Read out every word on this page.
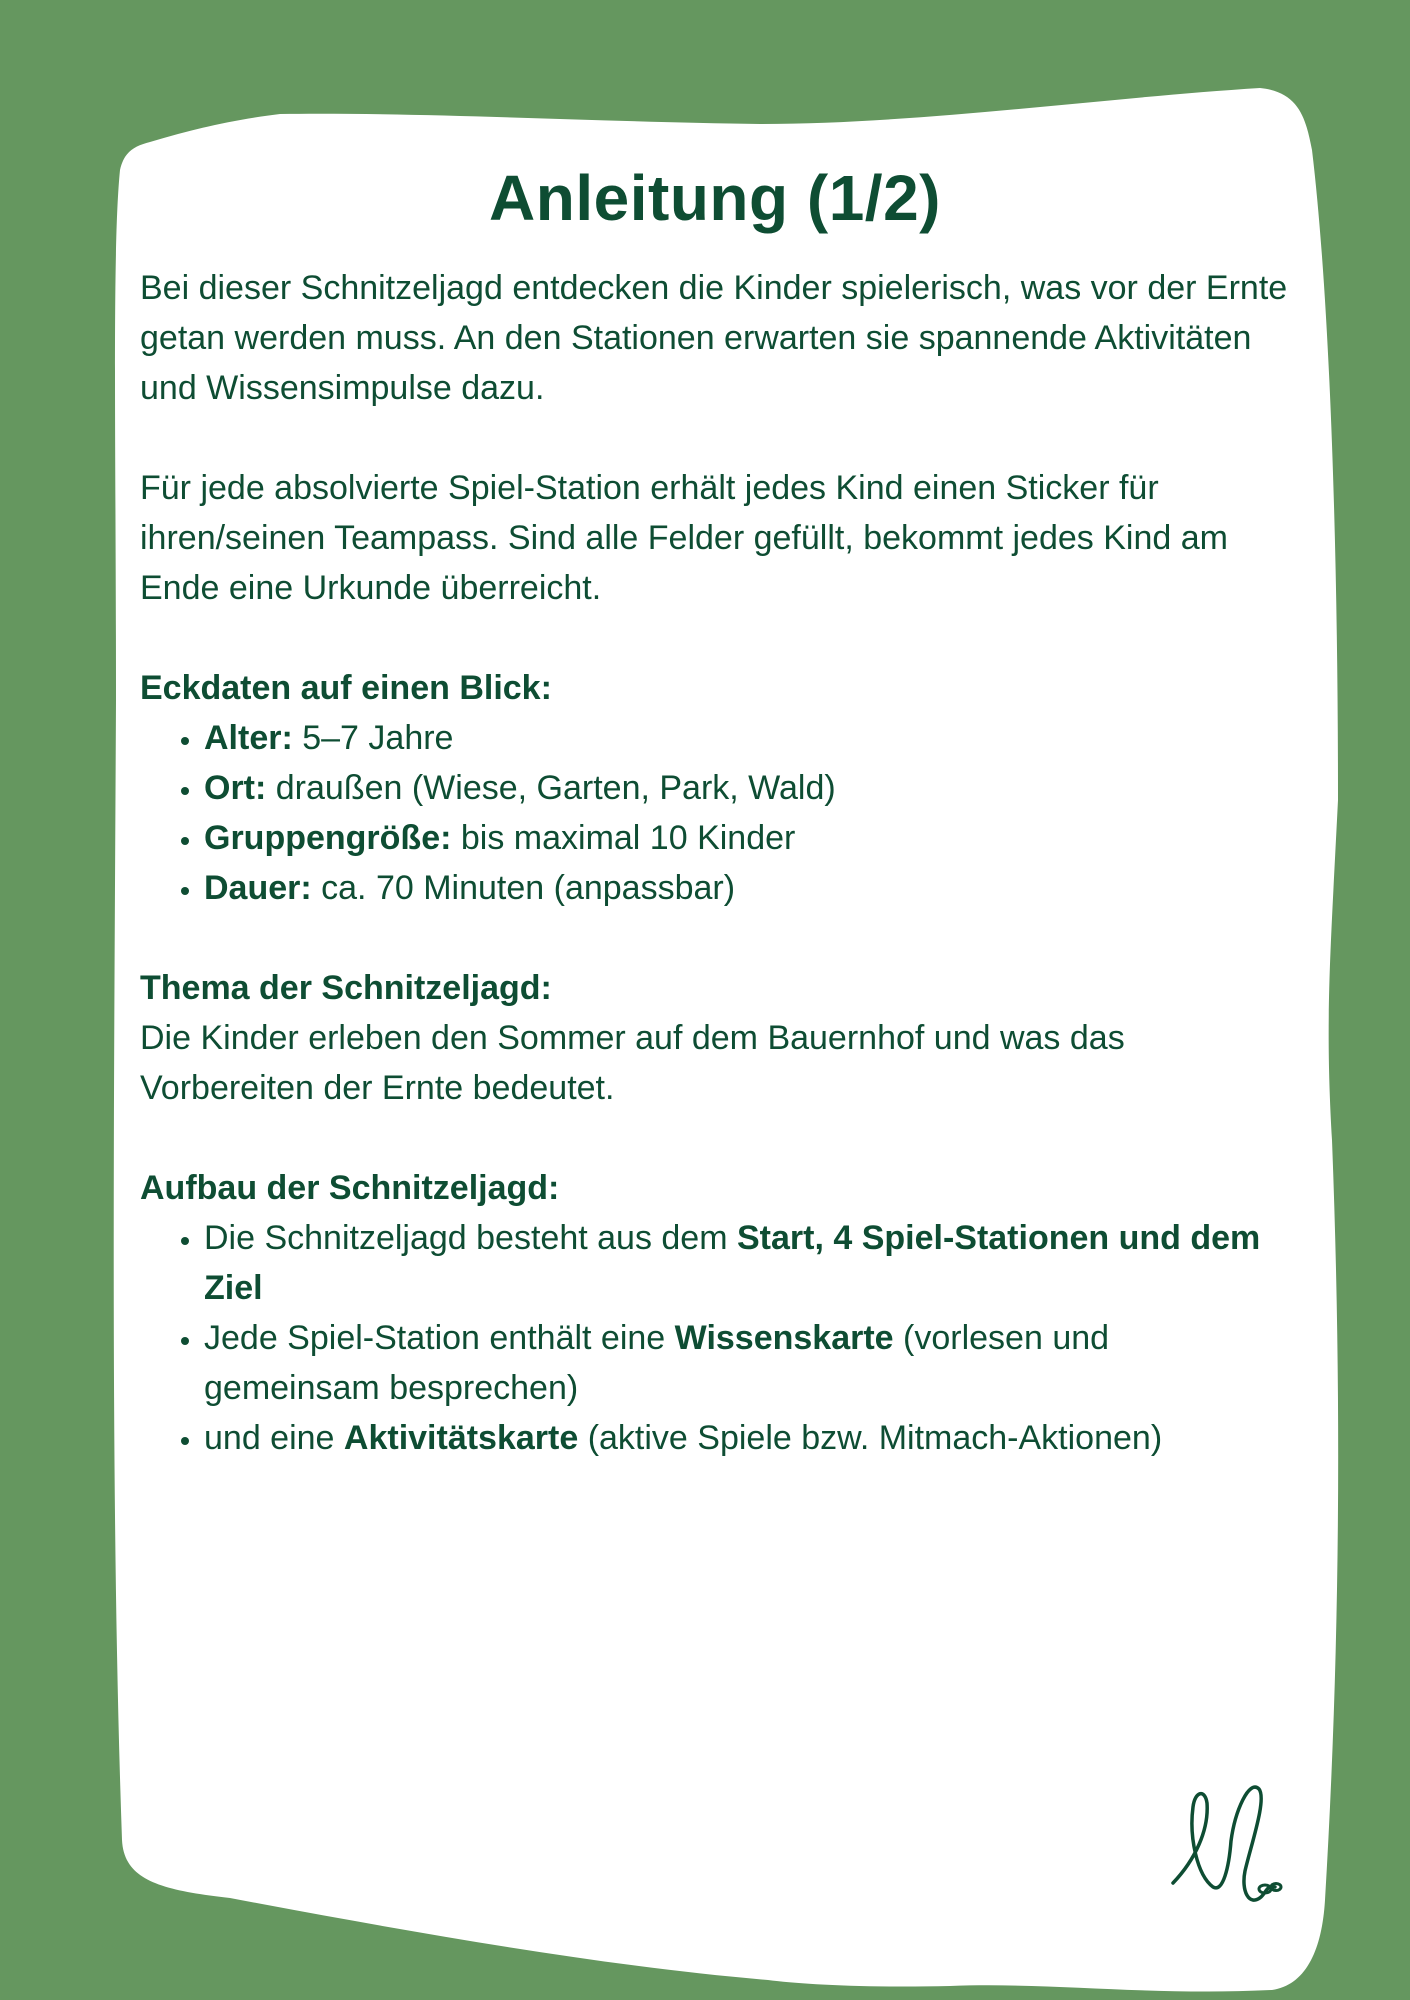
Anleitung (1/2)

Bei dieser Schnitzeljagd entdecken die Kinder spielerisch, was vor der Ernte getan werden muss. An den Stationen erwarten sie spannende Aktivitäten und Wissensimpulse dazu.

Für jede absolvierte Spiel-Station erhält jedes Kind einen Sticker für ihren/seinen Teampass. Sind alle Felder gefüllt, bekommt jedes Kind am Ende eine Urkunde überreicht.

Eckdaten auf einen Blick:

• Alter: 5–7 Jahre
• Ort: draußen (Wiese, Garten, Park, Wald)
• Gruppengröße: bis maximal 10 Kinder
• Dauer: ca. 70 Minuten (anpassbar)

Thema der Schnitzeljagd:

Die Kinder erleben den Sommer auf dem Bauernhof und was das Vorbereiten der Ernte bedeutet.

Aufbau der Schnitzeljagd:

• Die Schnitzeljagd besteht aus dem Start, 4 Spiel-Stationen und dem Ziel
• Jede Spiel-Station enthält eine Wissenskarte (vorlesen und gemeinsam besprechen)
• und eine Aktivitätskarte (aktive Spiele bzw. Mitmach-Aktionen)
